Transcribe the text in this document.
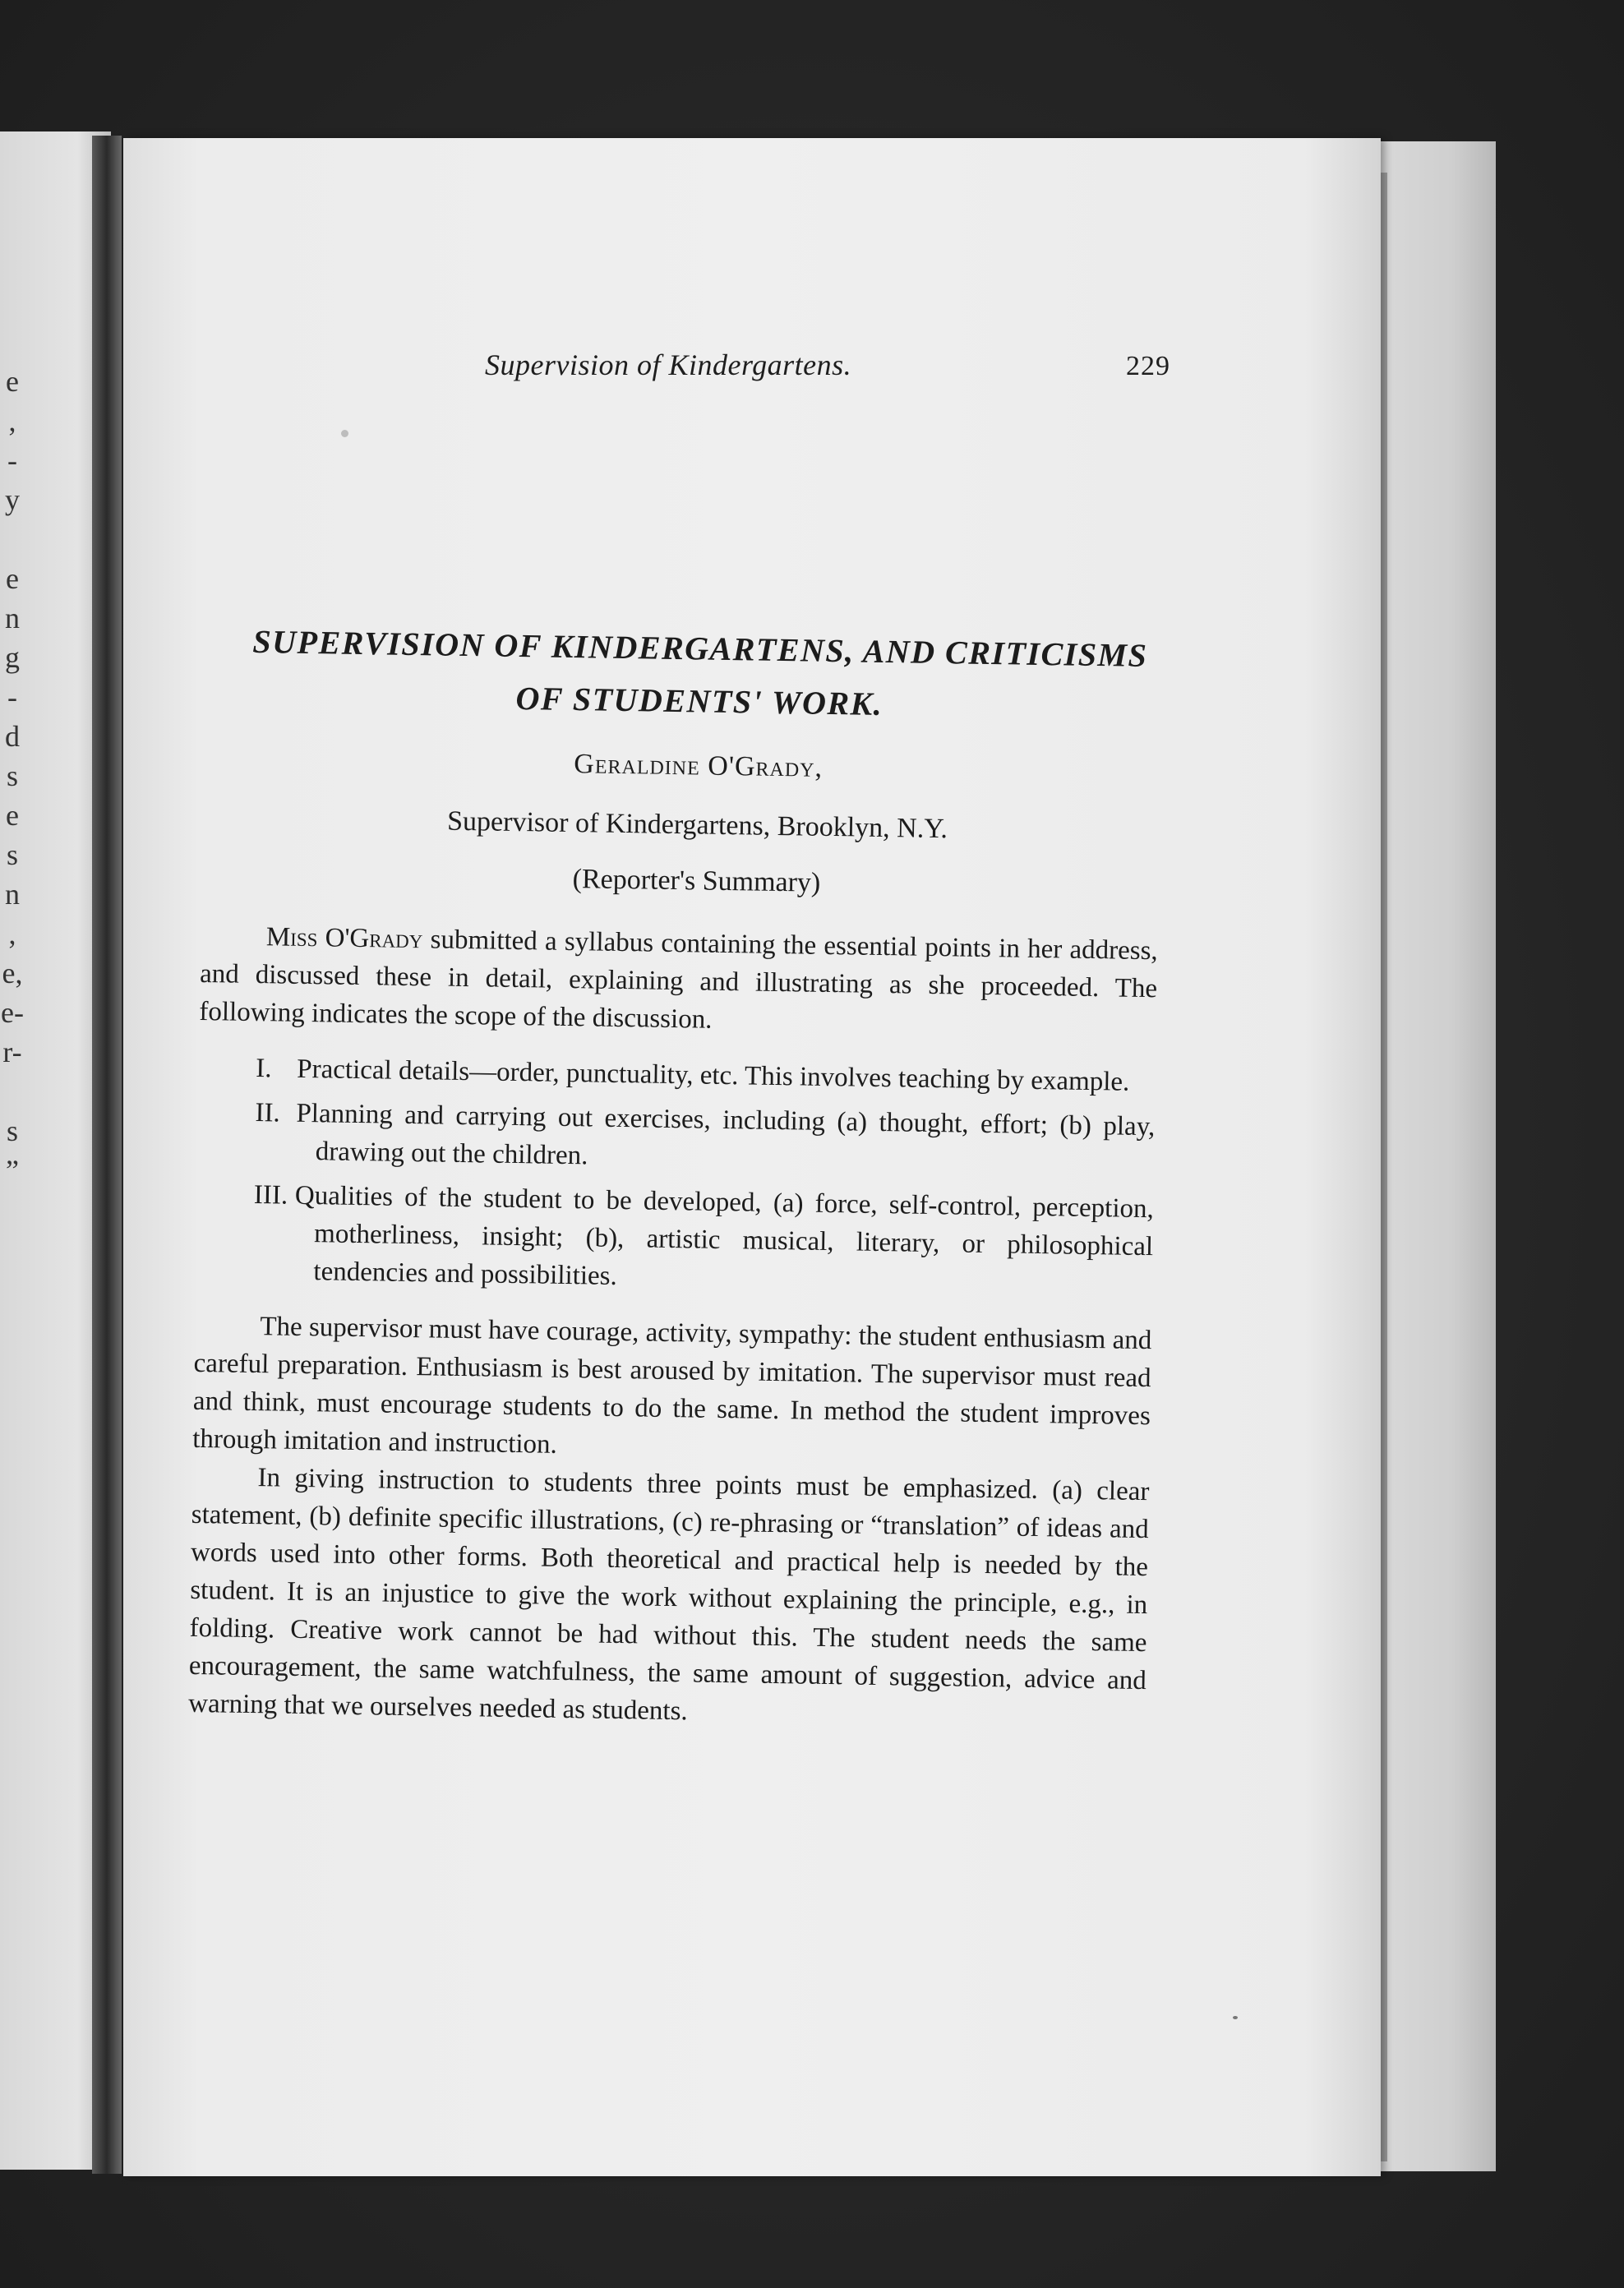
e
,
-
y

e
n
g
-
d
s
e
s
n
,
e,
e-
r-

s
”
Supervision of Kindergartens.	229
SUPERVISION OF KINDERGARTENS, AND CRITICISMS
OF STUDENTS' WORK.
Geraldine O'Grady,
Supervisor of Kindergartens, Brooklyn, N.Y.
(Reporter's Summary)

Miss O'Grady submitted a syllabus containing the essential points in her address, and discussed these in detail, explaining and illustrating as she proceeded. The following indicates the scope of the discussion.

I. Practical details—order, punctuality, etc. This involves teaching by example.
II. Planning and carrying out exercises, including (a) thought, effort; (b) play, drawing out the children.
III. Qualities of the student to be developed, (a) force, self-control, perception, motherliness, insight; (b), artistic musical, literary, or philosophical tendencies and possibilities.

The supervisor must have courage, activity, sympathy: the student enthusiasm and careful preparation. Enthusiasm is best aroused by imitation. The supervisor must read and think, must encourage students to do the same. In method the student improves through imitation and instruction.

In giving instruction to students three points must be emphasized. (a) clear statement, (b) definite specific illustrations, (c) re-phrasing or “translation” of ideas and words used into other forms. Both theoretical and practical help is needed by the student. It is an injustice to give the work without explaining the principle, e.g., in folding. Creative work cannot be had without this. The student needs the same encouragement, the same watchfulness, the same amount of suggestion, advice and warning that we ourselves needed as students.
